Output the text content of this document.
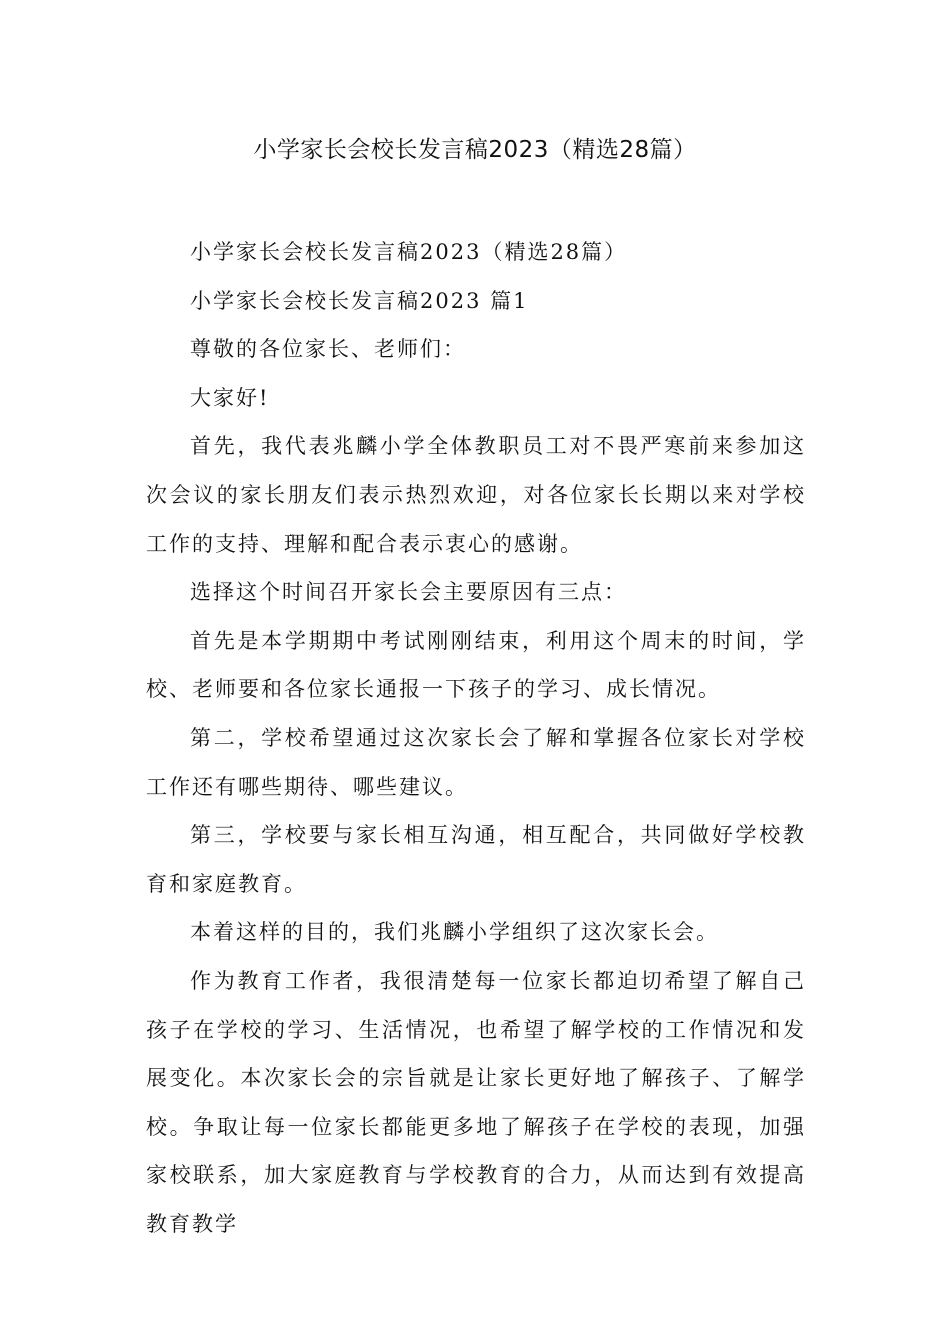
小学家长会校长发言稿2023（精选28篇）

小学家长会校长发言稿2023（精选28篇）

小学家长会校长发言稿2023 篇1

尊敬的各位家长、老师们：

大家好!

首先，我代表兆麟小学全体教职员工对不畏严寒前来参加这次会议的家长朋友们表示热烈欢迎，对各位家长长期以来对学校工作的支持、理解和配合表示衷心的感谢。

选择这个时间召开家长会主要原因有三点：

首先是本学期期中考试刚刚结束，利用这个周末的时间，学校、老师要和各位家长通报一下孩子的学习、成长情况。

第二，学校希望通过这次家长会了解和掌握各位家长对学校工作还有哪些期待、哪些建议。

第三，学校要与家长相互沟通，相互配合，共同做好学校教育和家庭教育。

本着这样的目的，我们兆麟小学组织了这次家长会。

作为教育工作者，我很清楚每一位家长都迫切希望了解自己孩子在学校的学习、生活情况，也希望了解学校的工作情况和发展变化。本次家长会的宗旨就是让家长更好地了解孩子、了解学校。争取让每一位家长都能更多地了解孩子在学校的表现，加强家校联系，加大家庭教育与学校教育的合力，从而达到有效提高教育教学
